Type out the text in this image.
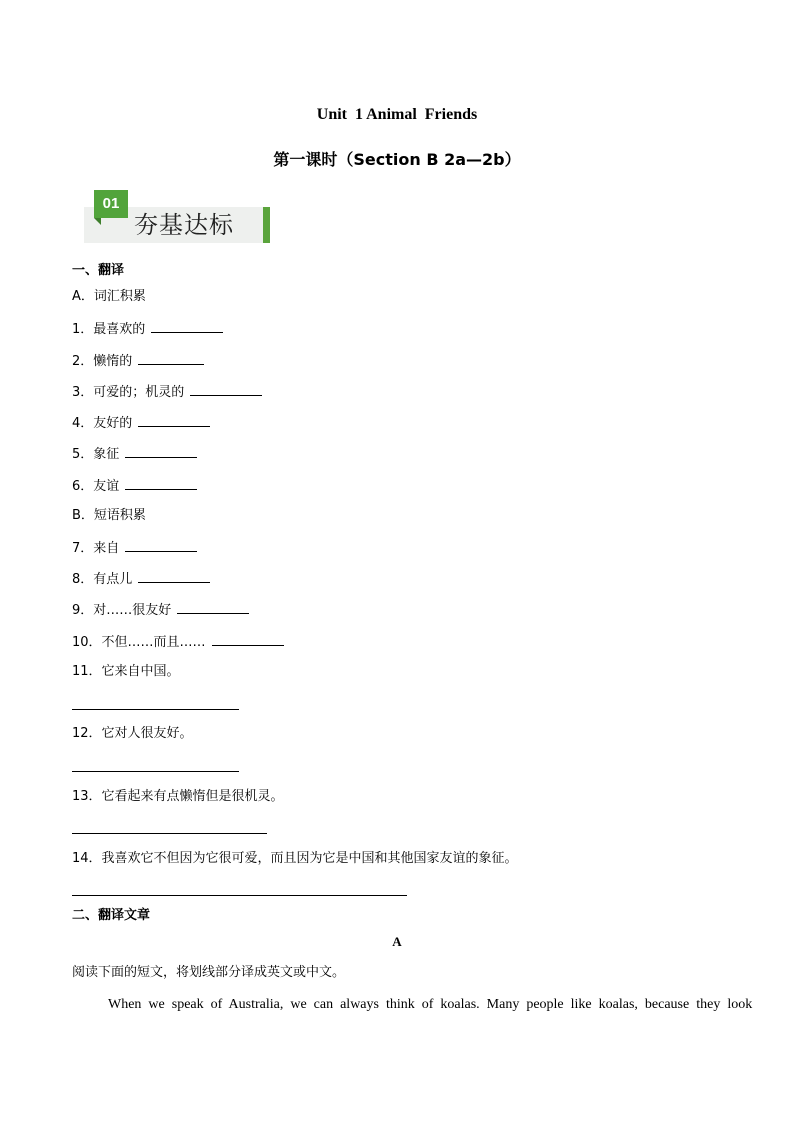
Unit  1 Animal  Friends
第一课时（Section B 2a—2b）
01
夯基达标
一、翻译
A．词汇积累
1．最喜欢的
2．懒惰的
3．可爱的；机灵的
4．友好的
5．象征
6．友谊
B．短语积累
7．来自
8．有点儿
9．对……很友好
10．不但……而且……
11．它来自中国。
12．它对人很友好。
13．它看起来有点懒惰但是很机灵。
14．我喜欢它不但因为它很可爱，而且因为它是中国和其他国家友谊的象征。
二、翻译文章
A
阅读下面的短文，将划线部分译成英文或中文。
When  we  speak  of  Australia,  we  can  always  think  of  koalas.  Many  people  like  koalas,  because  they  look
